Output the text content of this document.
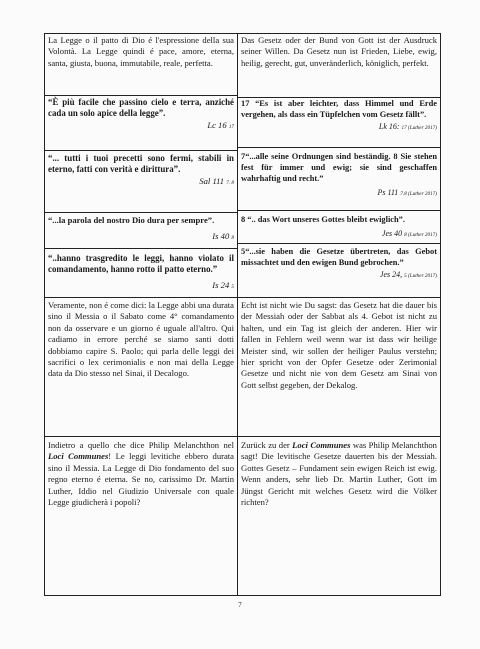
La Legge o il patto di Dio é l'espressione della sua Volontà. La Legge quindi é pace, amore, eterna, santa, giusta, buona, immutabile, reale, perfetta.
“È più facile che passino cielo e terra, anziché cada un solo apice della legge”.
Lc 16 17
“... tutti i tuoi precetti sono fermi, stabili in eterno, fatti con verità e dirittura”.
Sal 111 7. 8
“...la parola del nostro Dio dura per sempre”.
“..hanno trasgredito le leggi, hanno violato il comandamento, hanno rotto il patto eterno.”
Is 40 8
Is 24 5
Veramente, non é come dici: la Legge abbi una durata sino il Messia o il Sabato come 4° comandamento non da osservare e un giorno é uguale all'altro. Qui cadiamo in errore perché se siamo santi dotti dobbiamo capire S. Paolo; qui parla delle leggi dei sacrifici o lex cerimonialis e non mai della Legge data da Dio stesso nel Sinai, il Decalogo.
Indietro a quello che dice Philip Melanchthon nel Loci Communes! Le leggi levitiche ebbero durata sino il Messia. La Legge di Dio fondamento del suo regno eterno é eterna. Se no, carissimo Dr. Martin Luther, Iddio nel Giudizio Universale con quale Legge giudicherà i popoli?
Das Gesetz oder der Bund von Gott ist der Ausdruck seiner Willen. Da Gesetz nun ist Frieden, Liebe, ewig, heilig, gerecht, gut, unveränderlich, königlich, perfekt.
17 “Es ist aber leichter, dass Himmel und Erde vergehen, als dass ein Tüpfelchen vom Gesetz fällt”.
Lk 16: 17 (Luther 2017)
7“...alle seine Ordnungen sind beständig. 8 Sie stehen fest für immer und ewig; sie sind geschaffen wahrhaftig und recht.”
Ps 111 7.8 (Luther 2017)
8 “.. das Wort unseres Gottes bleibt ewiglich”.
Jes 40 8 (Luther 2017)
5“...sie haben die Gesetze übertreten, das Gebot missachtet und den ewigen Bund gebrochen.”
Jes 24, 5 (Luther 2017)
Echt ist nicht wie Du sagst: das Gesetz hat die dauer bis der Messiah oder der Sabbat als 4. Gebot ist nicht zu halten, und ein Tag ist gleich der anderen. Hier wir fallen in Fehlern weil wenn war ist dass wir heilige Meister sind, wir sollen der heiliger Paulus verstehn; hier spricht von der Opfer Gesetze oder Zerimonial Gesetze und nicht nie von dem Gesetz am Sinai von Gott selbst gegeben, der Dekalog.
Zurück zu der Loci Communes was Philip Melanchthon sagt! Die levitische Gesetze dauerten bis der Messiah. Gottes Gesetz – Fundament sein ewigen Reich ist ewig. Wenn anders, sehr lieb Dr. Martin Luther, Gott im Jüngst Gericht mit welches Gesetz wird die Völker richten?
7
